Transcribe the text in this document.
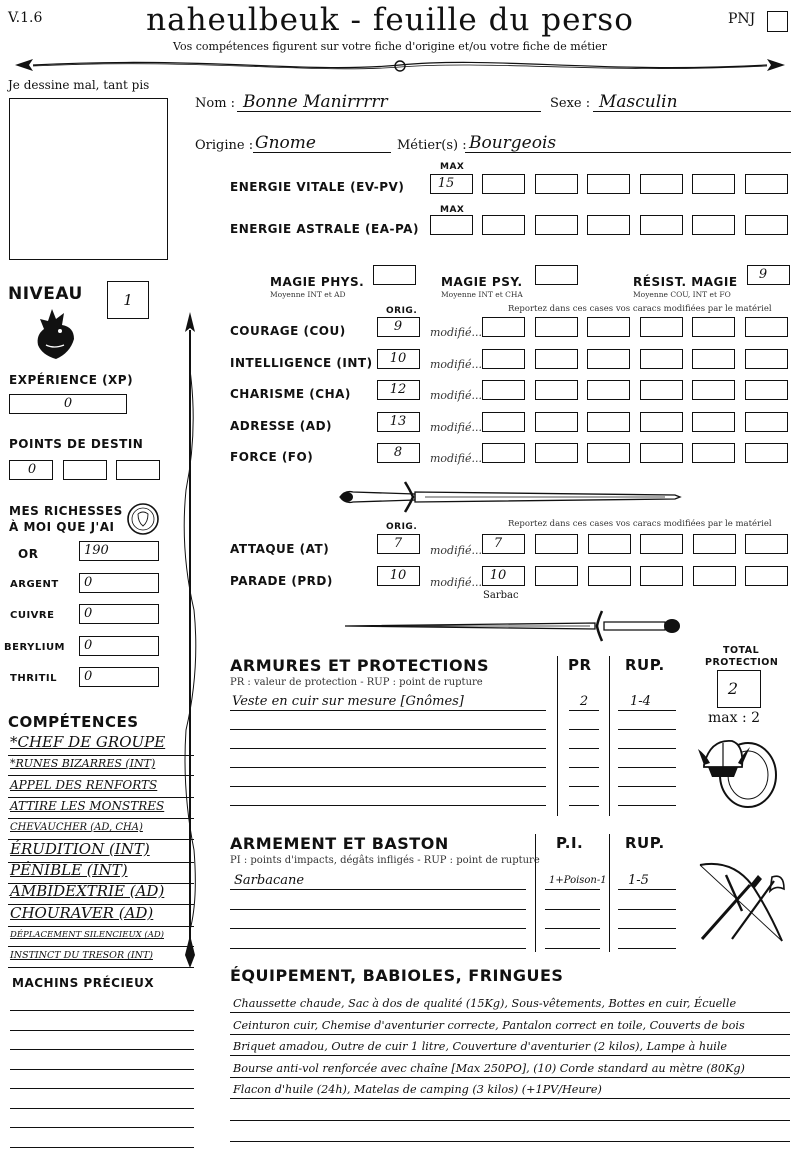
V.1.6	naheulbeuk - feuille du perso
Vos compétences figurent sur votre fiche d'origine et/ou votre fiche de métier
PNJ
Je dessine mal, tant pis
Nom : Bonne Manirrrrr	Sexe : Masculin
Origine : Gnome	Métier(s) : Bourgeois
MAX
ENERGIE VITALE (EV-PV)	15
MAX
ENERGIE ASTRALE (EA-PA)
MAGIE PHYS.
Moyenne INT et AD
MAGIE PSY.
Moyenne INT et CHA
RÉSIST. MAGIE
Moyenne COU, INT et FO
9
ORIG.	Reportez dans ces cases vos caracs modifiées par le matériel
COURAGE (COU)	9	modifié...
INTELLIGENCE (INT)	10	modifié...
CHARISME (CHA)	12	modifié...
ADRESSE (AD)	13	modifié...
FORCE (FO)	8	modifié...
ORIG.	Reportez dans ces cases vos caracs modifiées par le matériel
ATTAQUE (AT)	7	modifié... 7
PARADE (PRD)	10	modifié... 10
Sarbac
NIVEAU	1
EXPÉRIENCE (XP)
0
POINTS DE DESTIN
0
MES RICHESSES
À MOI QUE J'AI
OR	190
ARGENT 0
CUIVRE 0
BERYLIUM 0
THRITIL 0
COMPÉTENCES
*CHEF DE GROUPE
*RUNES BIZARRES (INT)
APPEL DES RENFORTS
ATTIRE LES MONSTRES
CHEVAUCHER (AD, CHA)
ÉRUDITION (INT)
PÉNIBLE (INT)
AMBIDEXTRIE (AD)
CHOURAVER (AD)
DÉPLACEMENT SILENCIEUX (AD)
INSTINCT DU TRESOR (INT)
MACHINS PRÉCIEUX
ARMURES ET PROTECTIONS
PR : valeur de protection - RUP : point de rupture
PR RUP.
Veste en cuir sur mesure [Gnômes]	2	1-4
TOTAL
PROTECTION
2
max : 2
ARMEMENT ET BASTON
PI : points d'impacts, dégâts infligés - RUP : point de rupture
P.I.	RUP.
Sarbacane	1+Poison-1 1-5
ÉQUIPEMENT, BABIOLES, FRINGUES
Chaussette chaude, Sac à dos de qualité (15Kg), Sous-vêtements, Bottes en cuir, Écuelle
Ceinturon cuir, Chemise d'aventurier correcte, Pantalon correct en toile, Couverts de bois
Briquet amadou, Outre de cuir 1 litre, Couverture d'aventurier (2 kilos), Lampe à huile
Bourse anti-vol renforcée avec chaîne [Max 250PO], (10) Corde standard au mètre (80Kg)
Flacon d'huile (24h), Matelas de camping (3 kilos) (+1PV/Heure)
